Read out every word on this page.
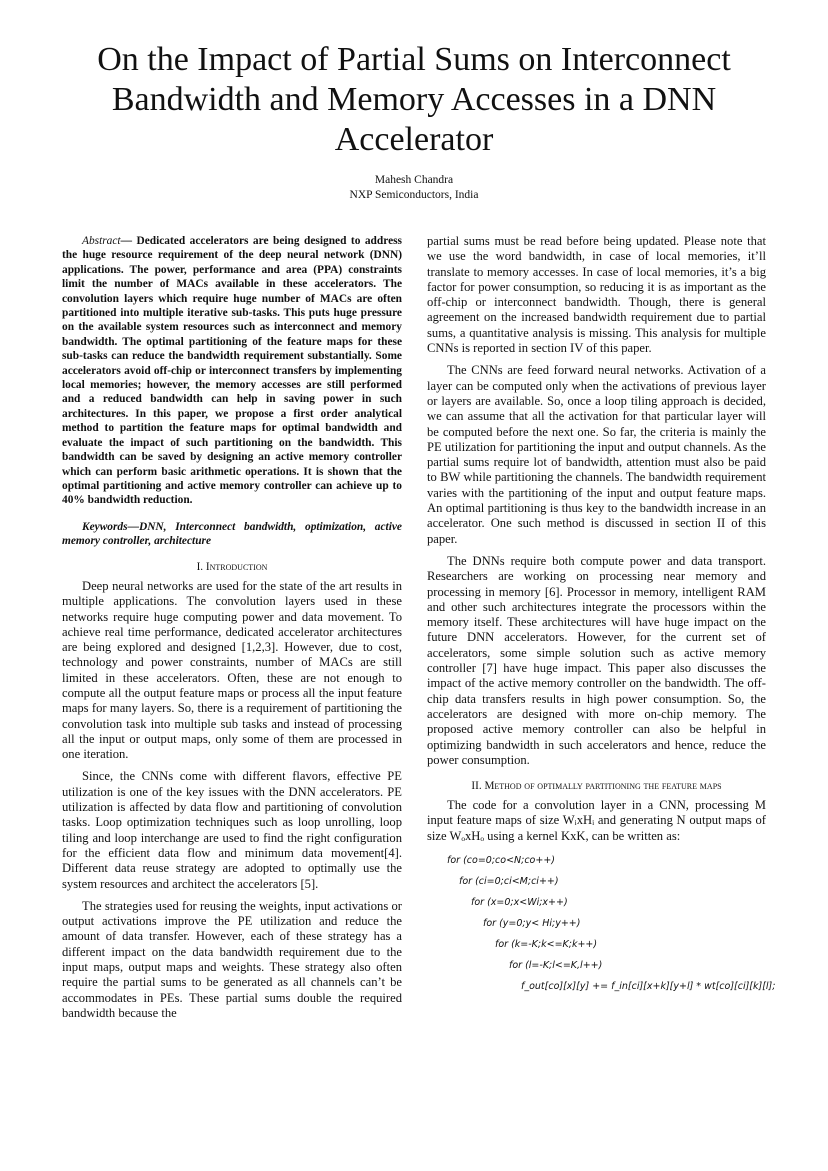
On the Impact of Partial Sums on Interconnect Bandwidth and Memory Accesses in a DNN Accelerator
Mahesh Chandra
NXP Semiconductors, India
Abstract— Dedicated accelerators are being designed to address the huge resource requirement of the deep neural network (DNN) applications. The power, performance and area (PPA) constraints limit the number of MACs available in these accelerators. The convolution layers which require huge number of MACs are often partitioned into multiple iterative sub-tasks. This puts huge pressure on the available system resources such as interconnect and memory bandwidth. The optimal partitioning of the feature maps for these sub-tasks can reduce the bandwidth requirement substantially. Some accelerators avoid off-chip or interconnect transfers by implementing local memories; however, the memory accesses are still performed and a reduced bandwidth can help in saving power in such architectures. In this paper, we propose a first order analytical method to partition the feature maps for optimal bandwidth and evaluate the impact of such partitioning on the bandwidth. This bandwidth can be saved by designing an active memory controller which can perform basic arithmetic operations. It is shown that the optimal partitioning and active memory controller can achieve up to 40% bandwidth reduction.
Keywords—DNN, Interconnect bandwidth, optimization, active memory controller, architecture
I. Introduction

Deep neural networks are used for the state of the art results in multiple applications. The convolution layers used in these networks require huge computing power and data movement. To achieve real time performance, dedicated accelerator architectures are being explored and designed [1,2,3]. However, due to cost, technology and power constraints, number of MACs are still limited in these accelerators. Often, these are not enough to compute all the output feature maps or process all the input feature maps for many layers. So, there is a requirement of partitioning the convolution task into multiple sub tasks and instead of processing all the input or output maps, only some of them are processed in one iteration.

Since, the CNNs come with different flavors, effective PE utilization is one of the key issues with the DNN accelerators. PE utilization is affected by data flow and partitioning of convolution tasks. Loop optimization techniques such as loop unrolling, loop tiling and loop interchange are used to find the right configuration for the efficient data flow and minimum data movement[4]. Different data reuse strategy are adopted to optimally use the system resources and architect the accelerators [5].

The strategies used for reusing the weights, input activations or output activations improve the PE utilization and reduce the amount of data transfer. However, each of these strategy has a different impact on the data bandwidth requirement due to the input maps, output maps and weights. These strategy also often require the partial sums to be generated as all channels can’t be accommodates in PEs. These partial sums double the required bandwidth because the

partial sums must be read before being updated. Please note that we use the word bandwidth, in case of local memories, it’ll translate to memory accesses. In case of local memories, it’s a big factor for power consumption, so reducing it is as important as the off-chip or interconnect bandwidth. Though, there is general agreement on the increased bandwidth requirement due to partial sums, a quantitative analysis is missing. This analysis for multiple CNNs is reported in section IV of this paper.

The CNNs are feed forward neural networks. Activation of a layer can be computed only when the activations of previous layer or layers are available. So, once a loop tiling approach is decided, we can assume that all the activation for that particular layer will be computed before the next one. So far, the criteria is mainly the PE utilization for partitioning the input and output channels. As the partial sums require lot of bandwidth, attention must also be paid to BW while partitioning the channels. The bandwidth requirement varies with the partitioning of the input and output feature maps. An optimal partitioning is thus key to the bandwidth increase in an accelerator. One such method is discussed in section II of this paper.

The DNNs require both compute power and data transport. Researchers are working on processing near memory and processing in memory [6]. Processor in memory, intelligent RAM and other such architectures integrate the processors within the memory itself. These architectures will have huge impact on the future DNN accelerators. However, for the current set of accelerators, some simple solution such as active memory controller [7] have huge impact. This paper also discusses the impact of the active memory controller on the bandwidth. The off-chip data transfers results in high power consumption. So, the accelerators are designed with more on-chip memory. The proposed active memory controller can also be helpful in optimizing bandwidth in such accelerators and hence, reduce the power consumption.

II. Method of optimally partitioning the feature maps

The code for a convolution layer in a CNN, processing M input feature maps of size WᵢxHᵢ and generating N output maps of size WₒxHₒ using a kernel KxK, can be written as:

for (co=0;co<N;co++)
for (ci=0;ci<M;ci++)
for (x=0;x<Wi;x++)
for (y=0;y< Hi;y++)
for (k=-K;k<=K;k++)
for (l=-K;l<=K,l++)
f_out[co][x][y] += f_in[ci][x+k][y+l] * wt[co][ci][k][l];
